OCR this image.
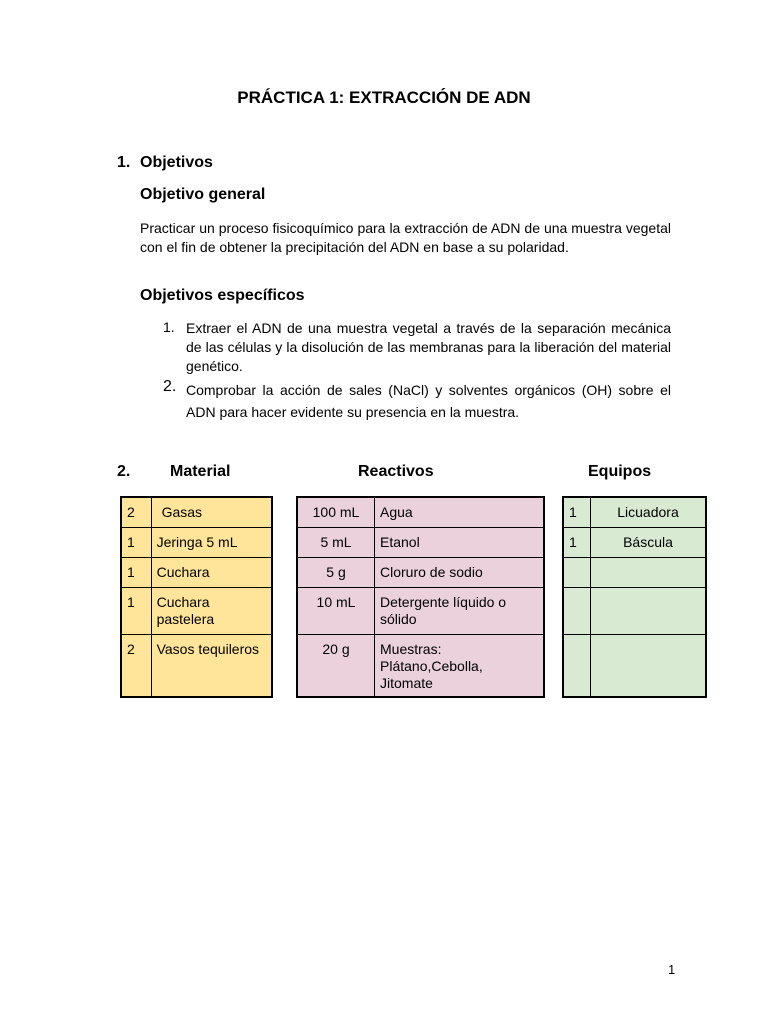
PRÁCTICA 1: EXTRACCIÓN DE ADN
1. Objetivos
Objetivo general
Practicar un proceso fisicoquímico para la extracción de ADN de una muestra vegetal con el fin de obtener la precipitación del ADN en base a su polaridad.
Objetivos específicos
1. Extraer el ADN de una muestra vegetal a través de la separación mecánica de las células y la disolución de las membranas para la liberación del material genético.
2. Comprobar la acción de sales (NaCl) y solventes orgánicos (OH) sobre el ADN para hacer evidente su presencia en la muestra.
2. Material	Reactivos	Equipos
2	Gasas
1	Jeringa 5 mL
1	Cuchara
1	Cuchara pastelera
2	Vasos tequileros
100 mL	Agua
5 mL	Etanol
5 g	Cloruro de sodio
10 mL	Detergente líquido o sólido
20 g	Muestras: Plátano,Cebolla, Jitomate
1	Licuadora
1	Báscula

1
